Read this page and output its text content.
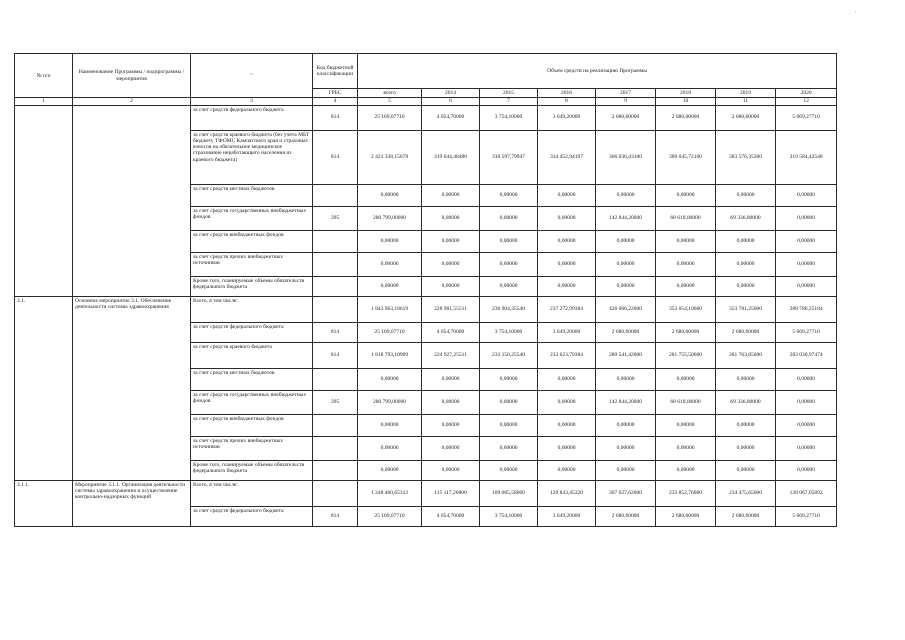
.
№ п/п	Наименование Программы / подпрограммы / мероприятия	"	Код бюджетной классификации	Объем средств на реализацию Программы							
			ГРБС	всего	2014	2015	2016	2017	2018	2019	2020
1	2	3	4	5	6	7	8	9	10	11	12
		за счет средств федерального бюджета	814	25 169,07710	4 054,70000	3 754,10000	3 649,20000	2 680,60000	2 680,60000	2 680,60000	5 669,27710
		за счет средств краевого бюджета (без учета МБТ бюджету ТФОМС Камчатского края и страховых взносов на обязательное медицинское страхование неработающего населения из краевого бюджета)	814	2 421 338,15678	319 644,48486	316 597,79947	334 452,94197	366 036,43100	389 045,72100	383 576,35300	319 584,42548
		за счет средств местных бюджетов		0,00000	0,00000	0,00000	0,00000	0,00000	0,00000	0,00000	0,00000
		за счет средств государственных внебюджетных фондов	395	280 799,00000	0,00000	0,00000	0,00000	142 844,20000	68 618,00000	69 336,80000	0,00000
		за счет средств внебюджетных фондов		0,00000	0,00000	0,00000	0,00000	0,00000	0,00000	0,00000	0,00000
		за счет средств прочих внебюджетных источников		0,00000	0,00000	0,00000	0,00000	0,00000	0,00000	0,00000	0,00000
		Кроме того, планируемые объемы обязательств федерального бюджета		0,00000	0,00000	0,00000	0,00000	0,00000	0,00000	0,00000	0,00000
3.1.	Основное мероприятие 3.1. Обеспечение деятельности системы здравоохранения	Всего, в том числе:		1 843 963,18619	228 981,55511	236 904,35540	237 272,99384	426 066,22000	353 054,10600	353 781,25000	288 780,25184
		за счет средств федерального бюджета	814	25 169,07710	4 054,70000	3 754,10000	3 649,20000	2 680,60000	2 680,60000	2 680,60000	5 669,27710
		за счет средств краевого бюджета	814	1 818 793,10909	224 927,25511	233 150,25540	233 623,79384	280 541,42000	281 755,50600	281 763,85000	283 030,97474
		за счет средств местных бюджетов		0,00000	0,00000	0,00000	0,00000	0,00000	0,00000	0,00000	0,00000
		за счет средств государственных внебюджетных фондов	395	280 799,00000	0,00000	0,00000	0,00000	142 844,20000	68 618,00000	69 336,80000	0,00000
		за счет средств внебюджетных фондов		0,00000	0,00000	0,00000	0,00000	0,00000	0,00000	0,00000	0,00000
		за счет средств прочих внебюджетных источников		0,00000	0,00000	0,00000	0,00000	0,00000	0,00000	0,00000	0,00000
		Кроме того, планируемые объемы обязательств федерального бюджета		0,00000	0,00000	0,00000	0,00000	0,00000	0,00000	0,00000	0,00000
3.1.1.	Мероприятие 3.1.1. Организация деятельности системы здравоохранения и осуществление контрольно-надзорных функций	Всего, в том числе:		1 248 460,65312	115 117,26800	109 085,58000	120 843,45320	307 027,62000	233 852,76000	234 475,65000	128 067,05892
		за счет средств федерального бюджета	814	25 169,07710	4 054,70000	3 754,10000	3 649,20000	2 680,60000	2 680,60000	2 680,60000	5 669,27710
